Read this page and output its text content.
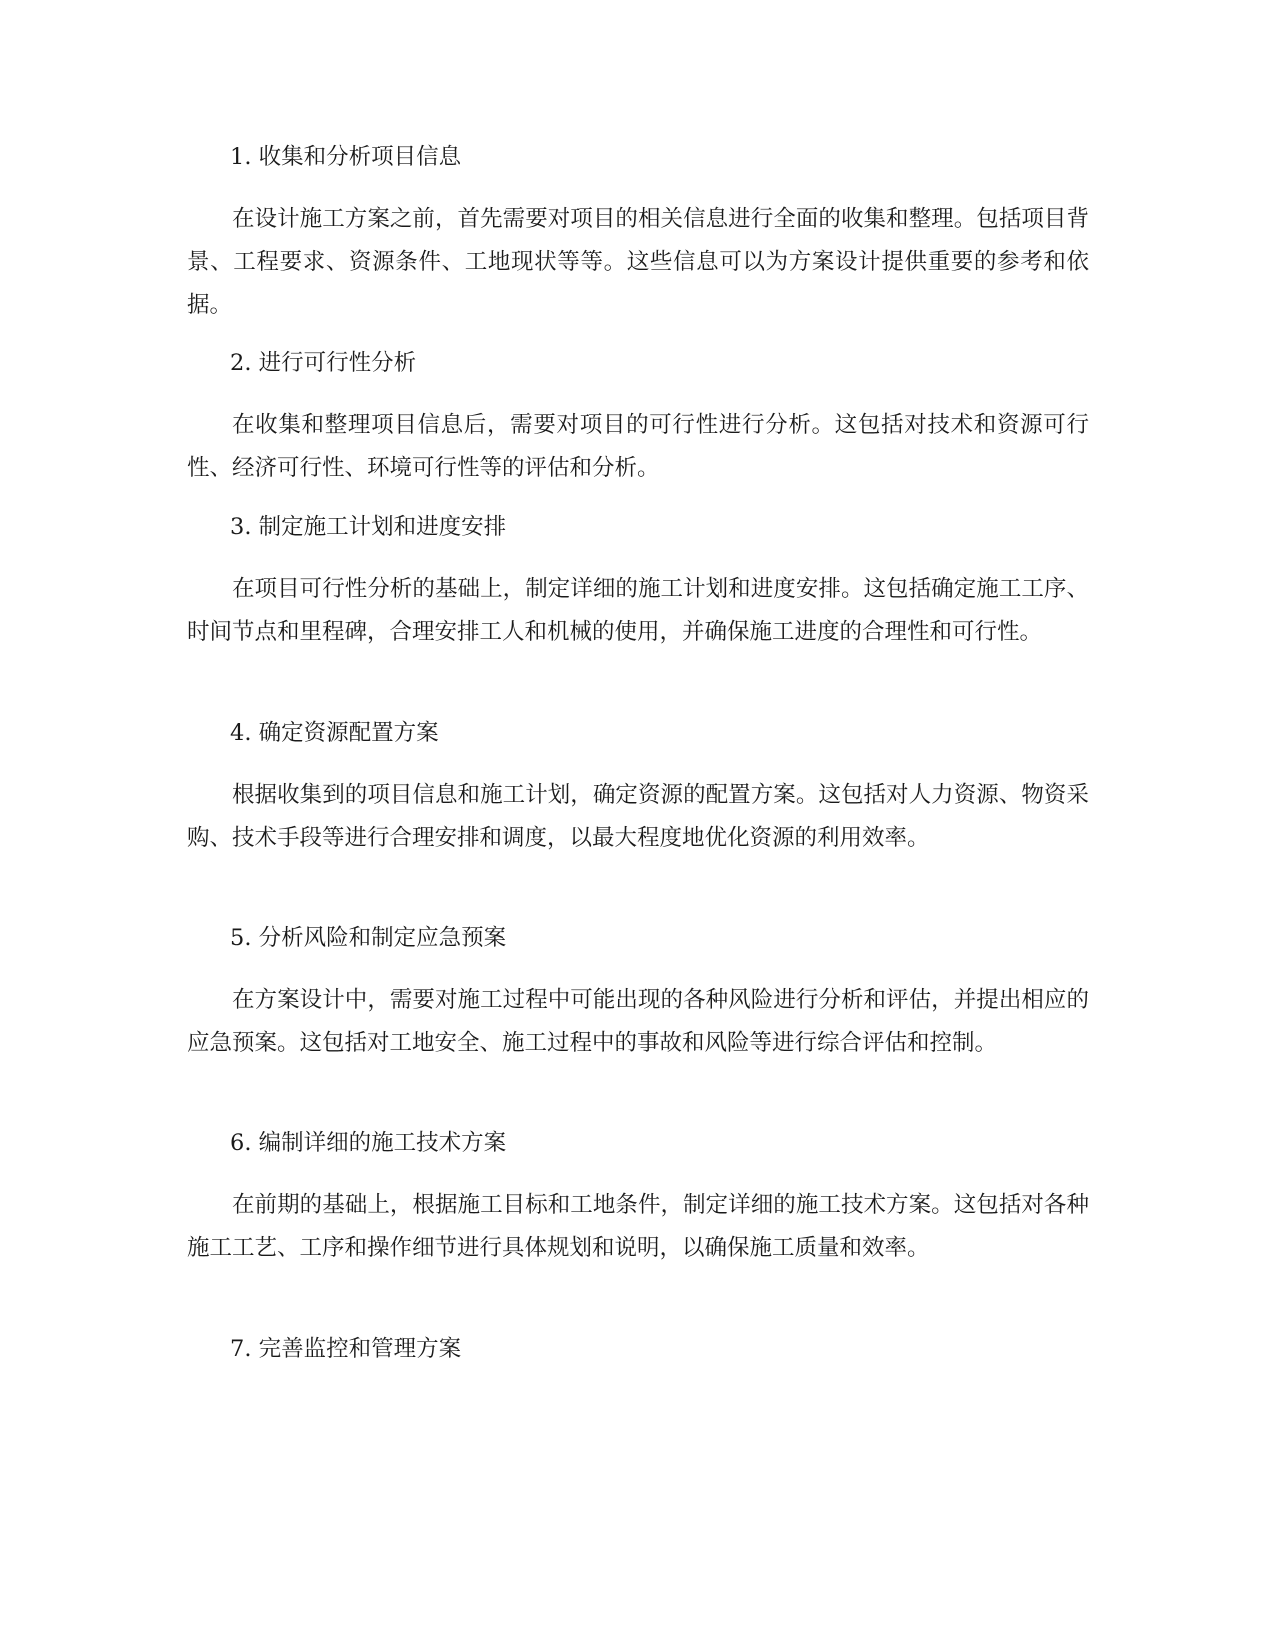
1. 收集和分析项目信息

在设计施工方案之前，首先需要对项目的相关信息进行全面的收集和整理。包括项目背景、工程要求、资源条件、工地现状等等。这些信息可以为方案设计提供重要的参考和依据。

2. 进行可行性分析

在收集和整理项目信息后，需要对项目的可行性进行分析。这包括对技术和资源可行性、经济可行性、环境可行性等的评估和分析。

3. 制定施工计划和进度安排

在项目可行性分析的基础上，制定详细的施工计划和进度安排。这包括确定施工工序、时间节点和里程碑，合理安排工人和机械的使用，并确保施工进度的合理性和可行性。

4. 确定资源配置方案

根据收集到的项目信息和施工计划，确定资源的配置方案。这包括对人力资源、物资采购、技术手段等进行合理安排和调度，以最大程度地优化资源的利用效率。

5. 分析风险和制定应急预案

在方案设计中，需要对施工过程中可能出现的各种风险进行分析和评估，并提出相应的应急预案。这包括对工地安全、施工过程中的事故和风险等进行综合评估和控制。

6. 编制详细的施工技术方案

在前期的基础上，根据施工目标和工地条件，制定详细的施工技术方案。这包括对各种施工工艺、工序和操作细节进行具体规划和说明，以确保施工质量和效率。

7. 完善监控和管理方案
